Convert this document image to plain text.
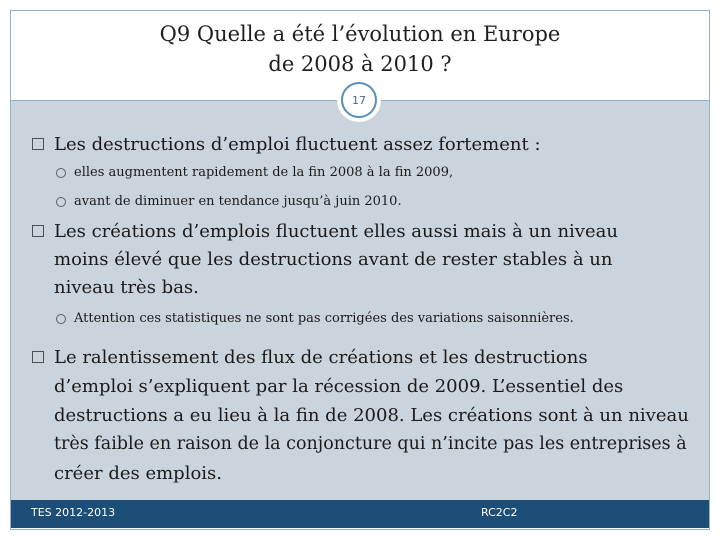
Q9 Quelle a été l’évolution en Europe
de 2008 à 2010 ?
17
Les destructions d’emploi fluctuent assez fortement :
elles augmentent rapidement de la fin 2008 à la fin 2009,
avant de diminuer en tendance jusqu’à juin 2010.
Les créations d’emplois fluctuent elles aussi mais à un niveau
moins élevé que les destructions avant de rester stables à un
niveau très bas.
Attention ces statistiques ne sont pas corrigées des variations saisonnières.
Le ralentissement des flux de créations et les destructions
d’emploi s’expliquent par la récession de 2009. L’essentiel des
destructions a eu lieu à la fin de 2008. Les créations sont à un niveau
très faible en raison de la conjoncture qui n’incite pas les entreprises à
créer des emplois.
TES 2012-2013	RC2C2
